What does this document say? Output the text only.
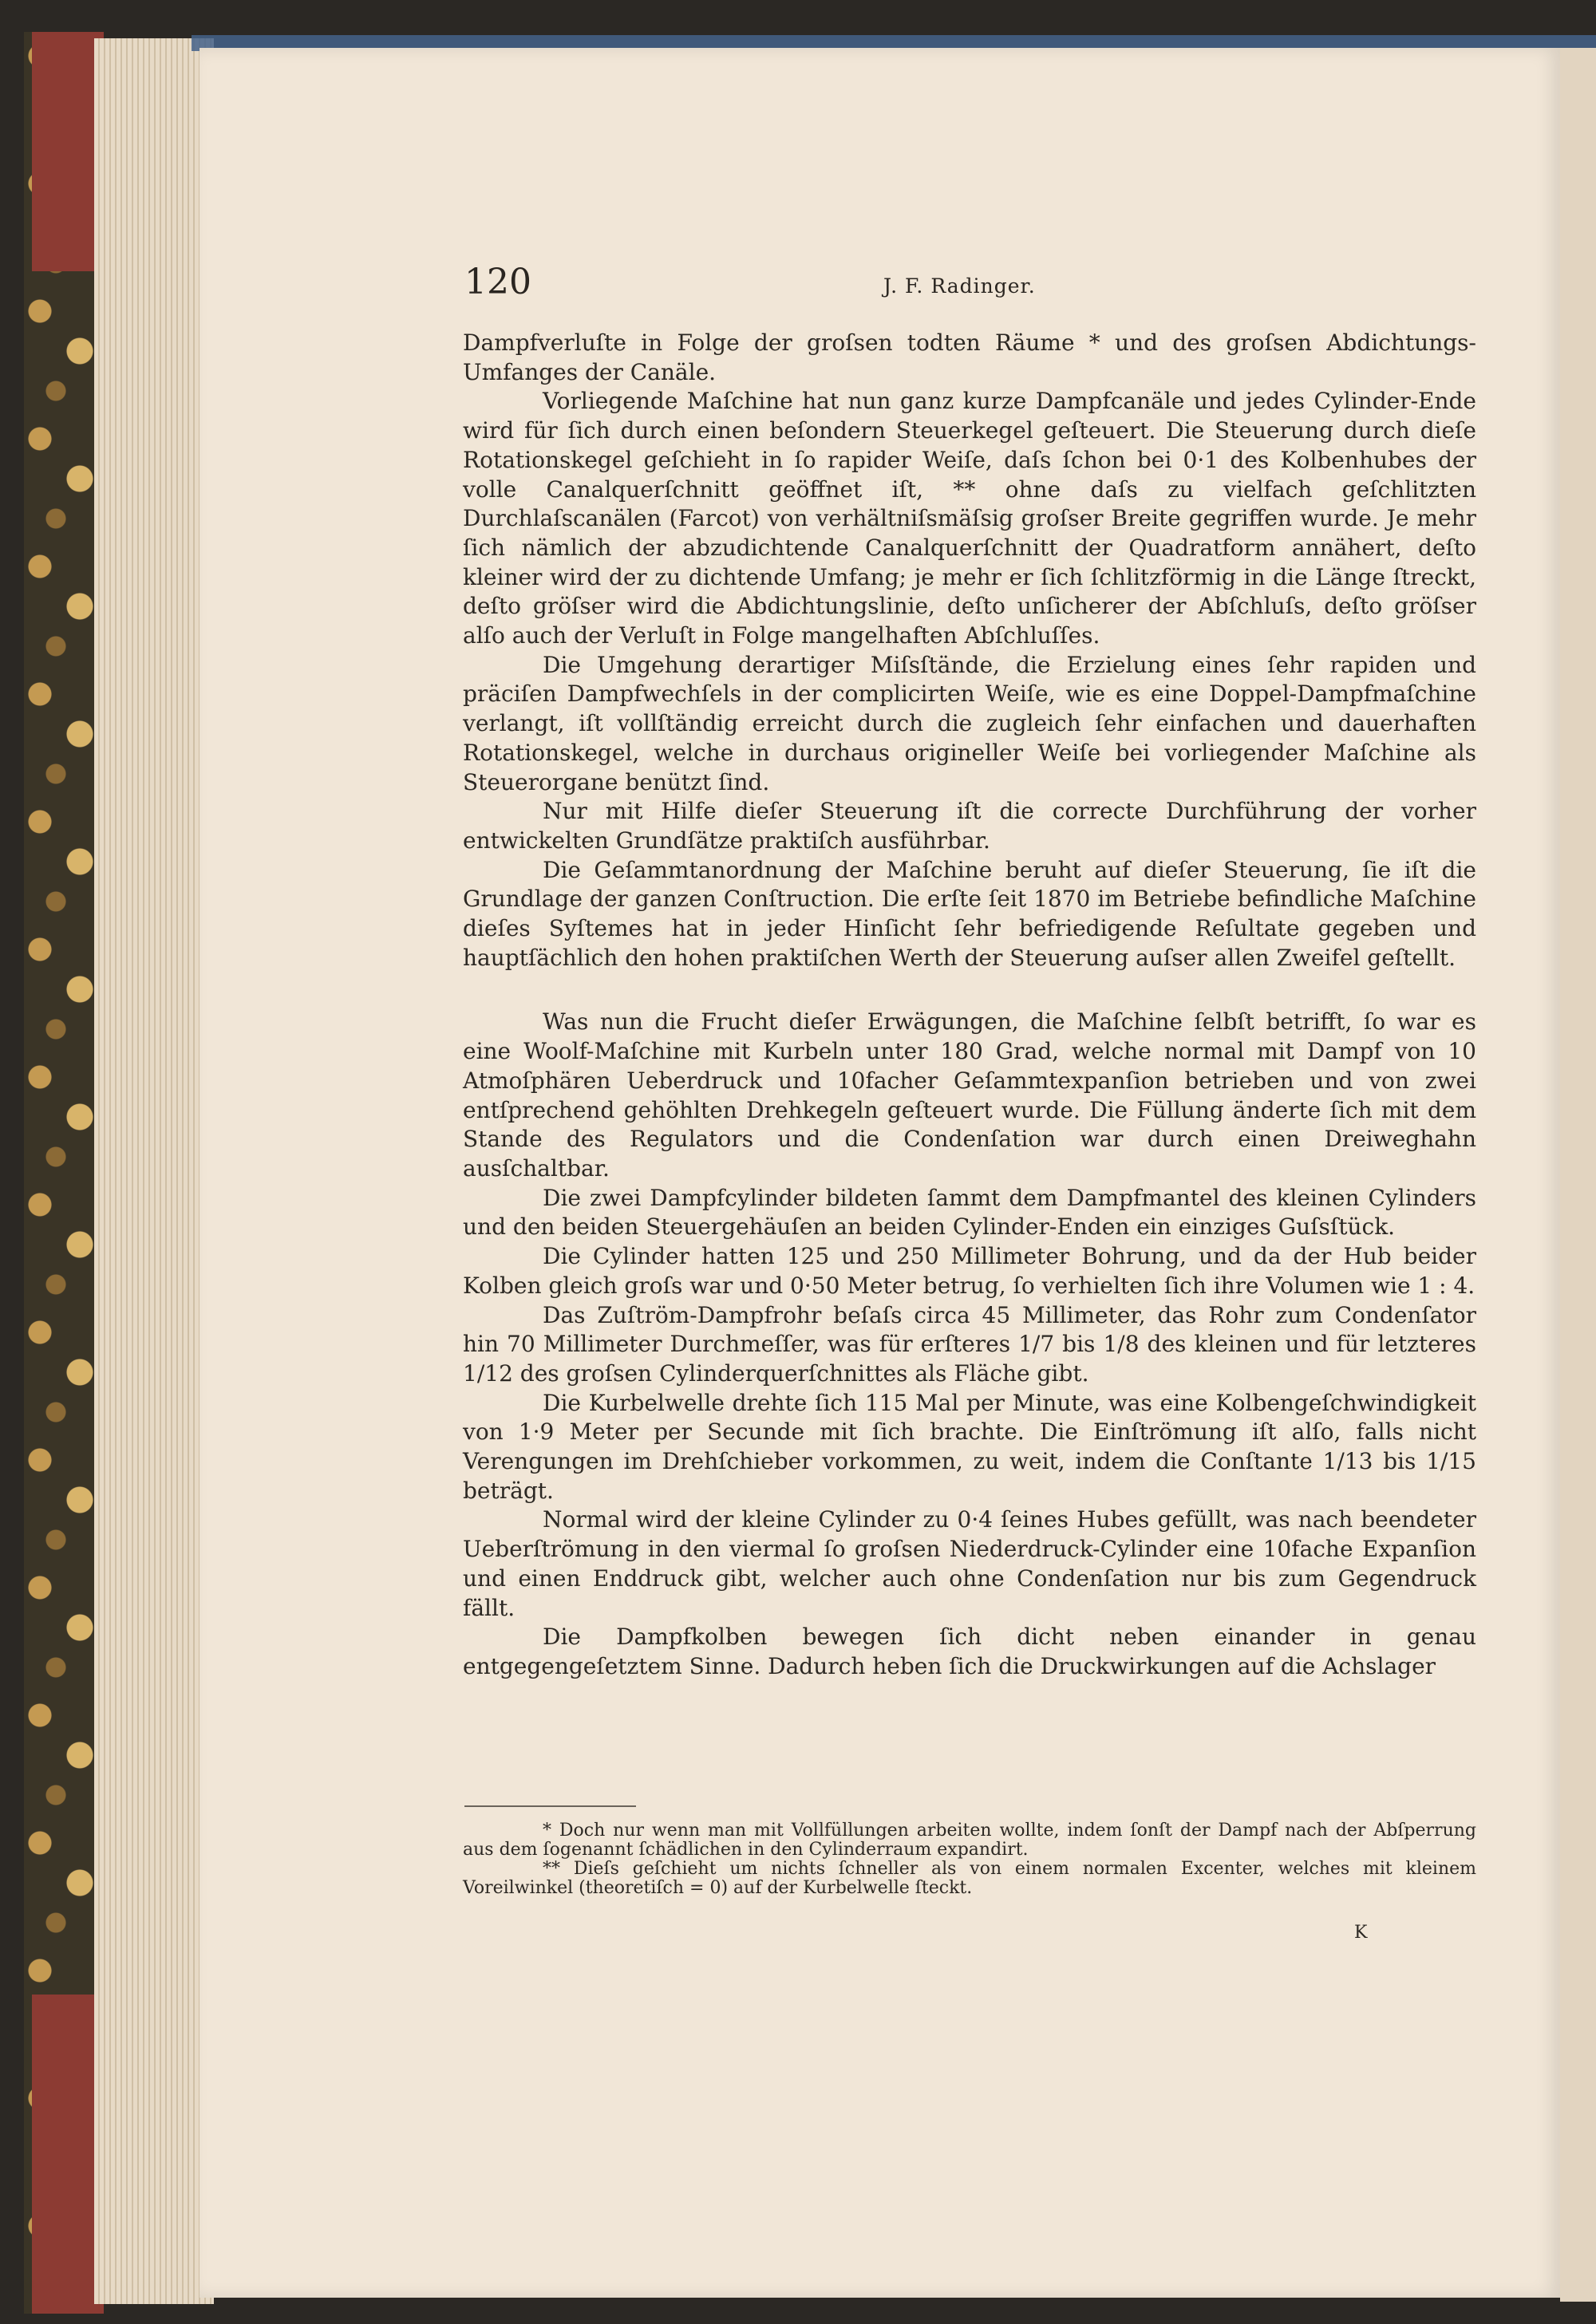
120	J. F. Radinger.

Dampfverluſte in Folge der groſsen todten Räume * und des groſsen Abdichtungs-Umfanges der Canäle.

Vorliegende Maſchine hat nun ganz kurze Dampfcanäle und jedes Cylinder-Ende wird für ſich durch einen beſondern Steuerkegel geſteuert. Die Steuerung durch dieſe Rotationskegel geſchieht in ſo rapider Weiſe, daſs ſchon bei 0·1 des Kolbenhubes der volle Canalquerſchnitt geöffnet iſt, ** ohne daſs zu vielfach geſchlitzten Durchlaſscanälen (Farcot) von verhältniſsmäſsig groſser Breite gegriffen wurde. Je mehr ſich nämlich der abzudichtende Canalquerſchnitt der Quadratform annähert, deſto kleiner wird der zu dichtende Umfang; je mehr er ſich ſchlitzförmig in die Länge ſtreckt, deſto gröſser wird die Abdichtungslinie, deſto unſicherer der Abſchluſs, deſto gröſser alſo auch der Verluſt in Folge mangelhaften Abſchluſſes.

Die Umgehung derartiger Miſsſtände, die Erzielung eines ſehr rapiden und präciſen Dampfwechſels in der complicirten Weiſe, wie es eine Doppel-Dampfmaſchine verlangt, iſt vollſtändig erreicht durch die zugleich ſehr einfachen und dauerhaften Rotationskegel, welche in durchaus origineller Weiſe bei vorliegender Maſchine als Steuerorgane benützt ſind.

Nur mit Hilfe dieſer Steuerung iſt die correcte Durchführung der vorher entwickelten Grundſätze praktiſch ausführbar.

Die Geſammtanordnung der Maſchine beruht auf dieſer Steuerung, ſie iſt die Grundlage der ganzen Conſtruction. Die erſte ſeit 1870 im Betriebe befindliche Maſchine dieſes Syſtemes hat in jeder Hinſicht ſehr befriedigende Reſultate gegeben und hauptſächlich den hohen praktiſchen Werth der Steuerung auſser allen Zweifel geſtellt.

Was nun die Frucht dieſer Erwägungen, die Maſchine ſelbſt betrifft, ſo war es eine Woolf-Maſchine mit Kurbeln unter 180 Grad, welche normal mit Dampf von 10 Atmoſphären Ueberdruck und 10facher Geſammtexpanſion betrieben und von zwei entſprechend gehöhlten Drehkegeln geſteuert wurde. Die Füllung änderte ſich mit dem Stande des Regulators und die Condenſation war durch einen Dreiweghahn ausſchaltbar.

Die zwei Dampfcylinder bildeten ſammt dem Dampfmantel des kleinen Cylinders und den beiden Steuergehäuſen an beiden Cylinder-Enden ein einziges Guſsſtück.

Die Cylinder hatten 125 und 250 Millimeter Bohrung, und da der Hub beider Kolben gleich groſs war und 0·50 Meter betrug, ſo verhielten ſich ihre Volumen wie 1 : 4.

Das Zuſtröm-Dampfrohr beſaſs circa 45 Millimeter, das Rohr zum Condenſator hin 70 Millimeter Durchmeſſer, was für erſteres 1/7 bis 1/8 des kleinen und für letzteres 1/12 des groſsen Cylinderquerſchnittes als Fläche gibt.

Die Kurbelwelle drehte ſich 115 Mal per Minute, was eine Kolbengeſchwindigkeit von 1·9 Meter per Secunde mit ſich brachte. Die Einſtrömung iſt alſo, falls nicht Verengungen im Drehſchieber vorkommen, zu weit, indem die Conſtante 1/13 bis 1/15 beträgt.

Normal wird der kleine Cylinder zu 0·4 ſeines Hubes gefüllt, was nach beendeter Ueberſtrömung in den viermal ſo groſsen Niederdruck-Cylinder eine 10fache Expanſion und einen Enddruck gibt, welcher auch ohne Condenſation nur bis zum Gegendruck fällt.

Die Dampfkolben bewegen ſich dicht neben einander in genau entgegengeſetztem Sinne. Dadurch heben ſich die Druckwirkungen auf die Achslager

* Doch nur wenn man mit Vollfüllungen arbeiten wollte, indem ſonſt der Dampf nach der Abſperrung aus dem ſogenannt ſchädlichen in den Cylinderraum expandirt.

** Dieſs geſchieht um nichts ſchneller als von einem normalen Excenter, welches mit kleinem Voreilwinkel (theoretiſch = 0) auf der Kurbelwelle ſteckt.

K
